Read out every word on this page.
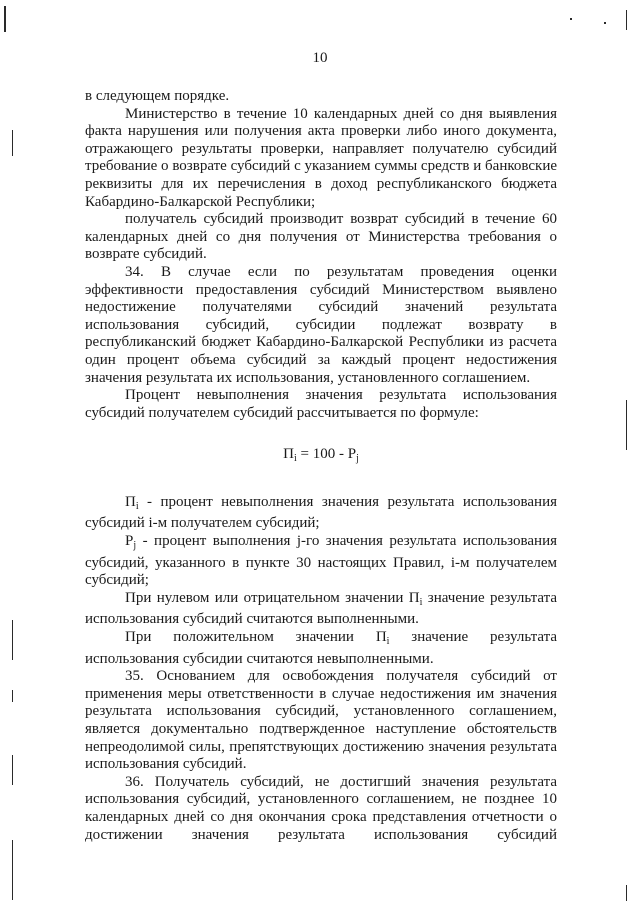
10

в следующем порядке.

Министерство в течение 10 календарных дней со дня выявления факта нарушения или получения акта проверки либо иного документа, отражающего результаты проверки, направляет получателю субсидий требование о возврате субсидий с указанием суммы средств и банковские реквизиты для их перечисления в доход республиканского бюджета Кабардино-Балкарской Республики;

получатель субсидий производит возврат субсидий в течение 60 календарных дней со дня получения от Министерства требования о возврате субсидий.

34. В случае если по результатам проведения оценки эффективности предоставления субсидий Министерством выявлено недостижение получателями субсидий значений результата использования субсидий, субсидии подлежат возврату в республиканский бюджет Кабардино-Балкарской Республики из расчета один процент объема субсидий за каждый процент недостижения значения результата их использования, установленного соглашением.

Процент невыполнения значения результата использования субсидий получателем субсидий рассчитывается по формуле:

$П_i = 100 - Р_j$

$П_i$ - процент невыполнения значения результата использования субсидий i-м получателем субсидий;

$Р_j$ - процент выполнения j-го значения результата использования субсидий, указанного в пункте 30 настоящих Правил, i-м получателем субсидий;

При нулевом или отрицательном значении $П_i$ значение результата использования субсидий считаются выполненными.

При положительном значении $П_i$ значение результата использования субсидии считаются невыполненными.

35. Основанием для освобождения получателя субсидий от применения меры ответственности в случае недостижения им значения результата использования субсидий, установленного соглашением, является документально подтвержденное наступление обстоятельств непреодолимой силы, препятствующих достижению значения результата использования субсидий.

36. Получатель субсидий, не достигший значения результата использования субсидий, установленного соглашением, не позднее 10 календарных дней со дня окончания срока представления отчетности о достижении значения результата использования субсидий
